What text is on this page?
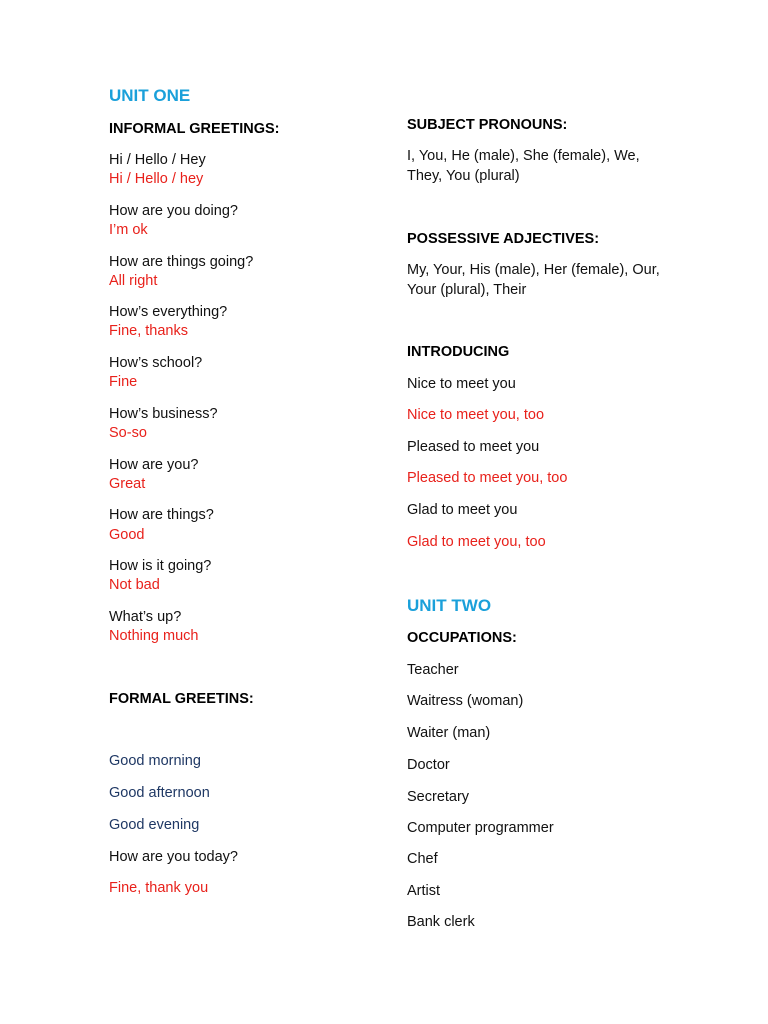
UNIT ONE
INFORMAL GREETINGS:
Hi / Hello / Hey
Hi / Hello / hey
How are you doing?
I’m ok
How are things going?
All right
How’s everything?
Fine, thanks
How’s school?
Fine
How’s business?
So-so
How are you?
Great
How are things?
Good
How is it going?
Not bad
What’s up?
Nothing much
FORMAL GREETINS:
Good morning
Good afternoon
Good evening
How are you today?
Fine, thank you
SUBJECT PRONOUNS:
I, You, He (male), She (female), We, They, You (plural)
POSSESSIVE ADJECTIVES:
My, Your, His (male), Her (female), Our, Your (plural), Their
INTRODUCING
Nice to meet you
Nice to meet you, too
Pleased to meet you
Pleased to meet you, too
Glad to meet you
Glad to meet you, too
UNIT TWO
OCCUPATIONS:
Teacher
Waitress (woman)
Waiter (man)
Doctor
Secretary
Computer programmer
Chef
Artist
Bank clerk
